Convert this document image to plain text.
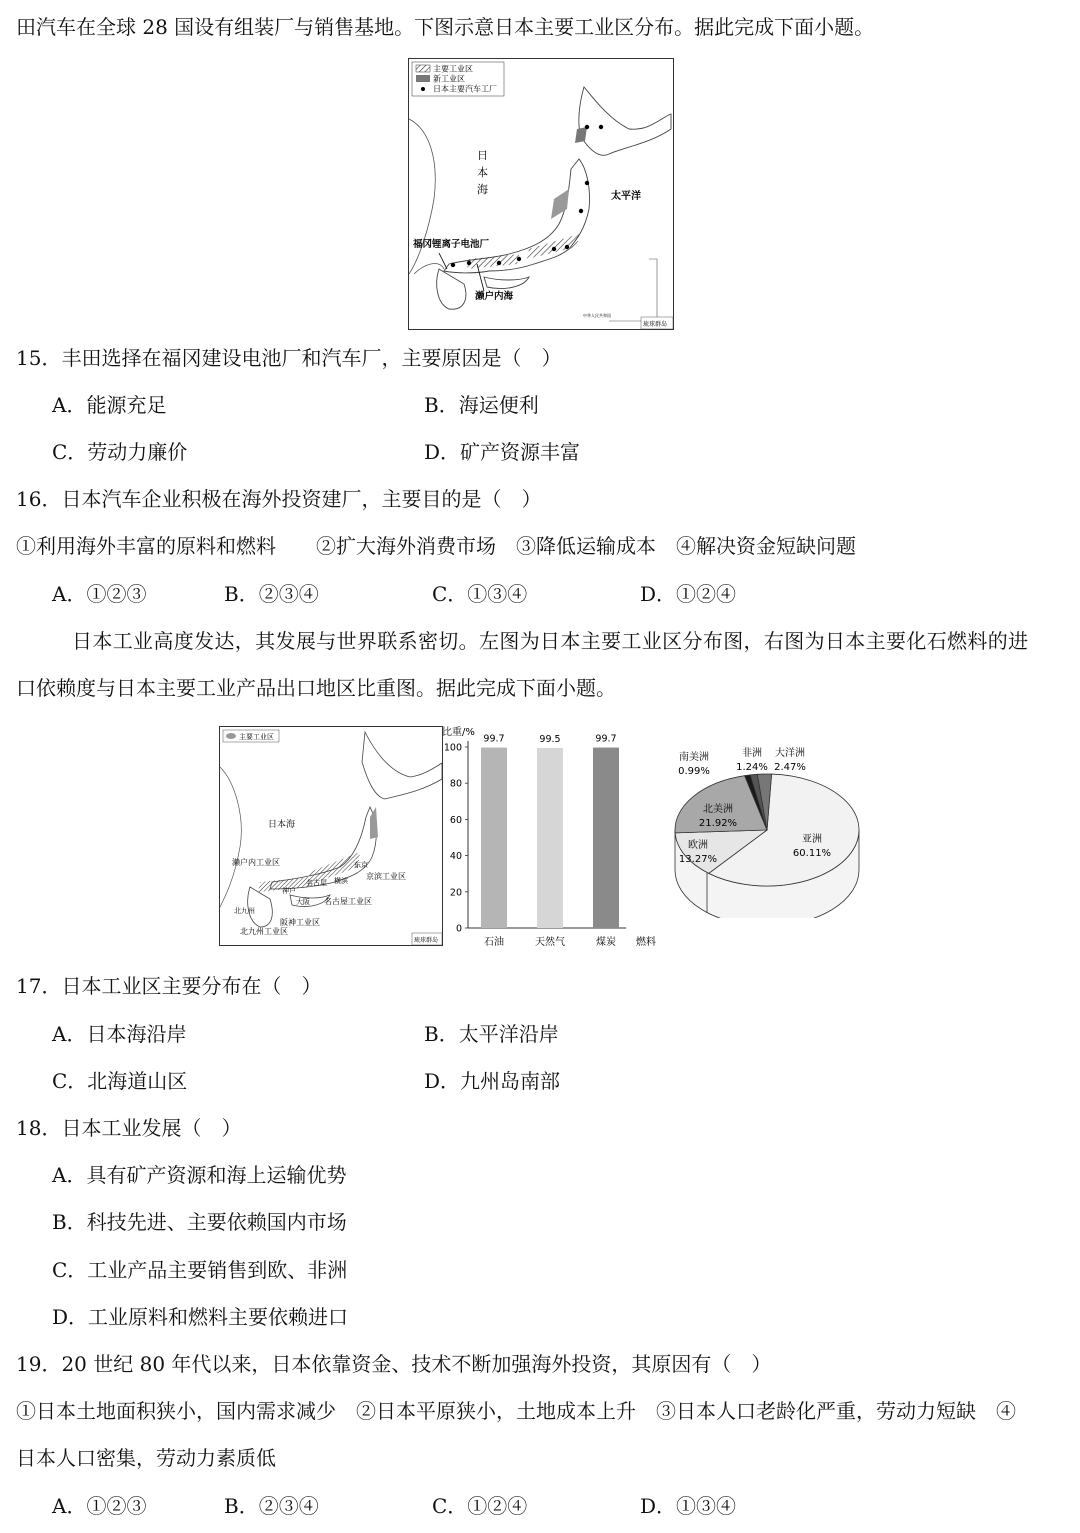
田汽车在全球 28 国设有组装厂与销售基地。下图示意日本主要工业区分布。据此完成下面小题。
主要工业区
新工业区
日本主要汽车工厂
日
本
海
太平洋
福冈锂离子电池厂
濑户内海
琉球群岛
中华人民共和国
15．丰田选择在福冈建设电池厂和汽车厂，主要原因是（　）
A．能源充足	B．海运便利
C．劳动力廉价	D．矿产资源丰富
16．日本汽车企业积极在海外投资建厂，主要目的是（　）
①利用海外丰富的原料和燃料　　②扩大海外消费市场　③降低运输成本　④解决资金短缺问题
A．①②③	B．②③④	C．①③④	D．①②④
日本工业高度发达，其发展与世界联系密切。左图为日本主要工业区分布图，右图为日本主要化石燃料的进
口依赖度与日本主要工业产品出口地区比重图。据此完成下面小题。
主要工业区
日本海
濑户内工业区
神户
大阪
名古屋
东京
横滨 京滨工业区
名古屋工业区
阪神工业区
北九州
北九州工业区
琉球群岛
比重/%
0
20
40
60
80
100
99.7
石油
99.5
天然气
99.7
煤炭 燃料
亚洲
60.11%
欧洲
13.27%
北美洲
21.92%
南美洲
0.99%
非洲
1.24%
大洋洲
2.47%
17．日本工业区主要分布在（　）
A．日本海沿岸	B．太平洋沿岸
C．北海道山区	D．九州岛南部
18．日本工业发展（　）
A．具有矿产资源和海上运输优势
B．科技先进、主要依赖国内市场
C．工业产品主要销售到欧、非洲
D．工业原料和燃料主要依赖进口
19．20 世纪 80 年代以来，日本依靠资金、技术不断加强海外投资，其原因有（　）
①日本土地面积狭小，国内需求减少　②日本平原狭小，土地成本上升　③日本人口老龄化严重，劳动力短缺　④
日本人口密集，劳动力素质低
A．①②③	B．②③④	C．①②④	D．①③④
